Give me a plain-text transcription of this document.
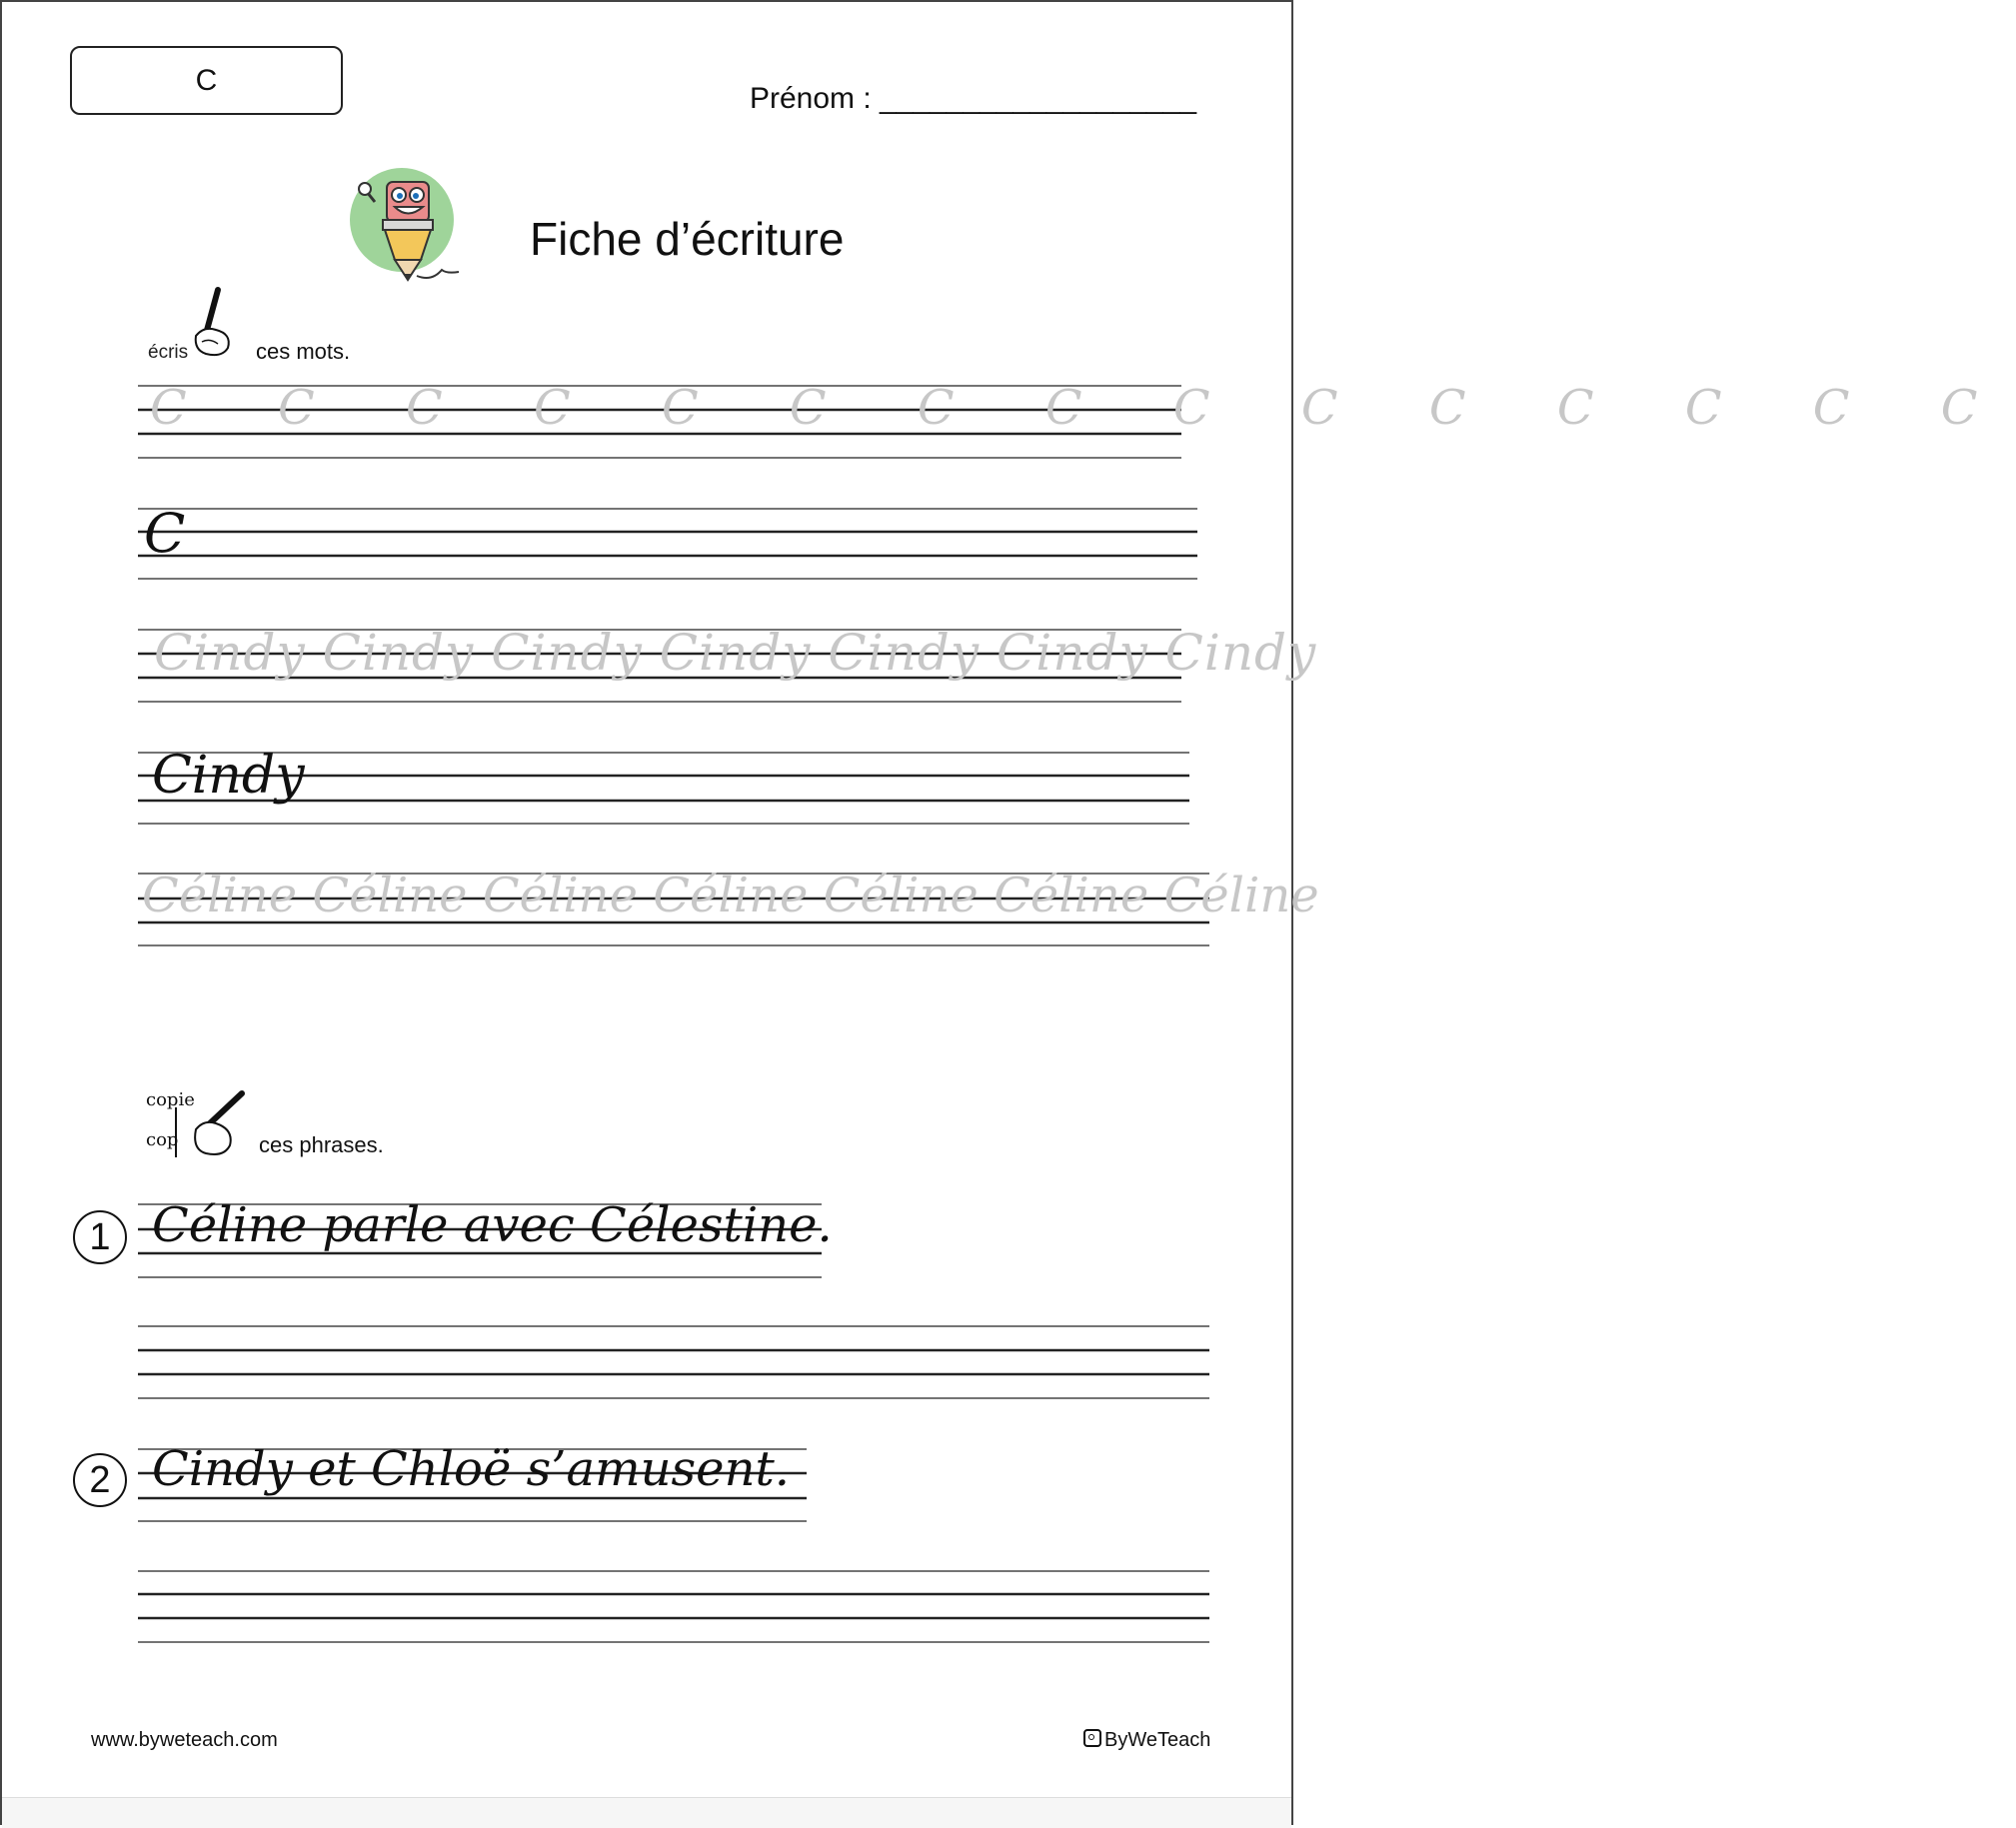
C
Prénom : ___________________
Fiche d’écriture
écris	ces mots.
C C C C C C C C C C C C C C C
C
Cindy Cindy Cindy Cindy Cindy Cindy Cindy
Cindy
Céline Céline Céline Céline Céline Céline Céline
copie
cop	ces phrases.
1 Céline parle avec Célestine.
2 Cindy et Chloë s’amusent.
www.byweteach.com	ByWeTeach
